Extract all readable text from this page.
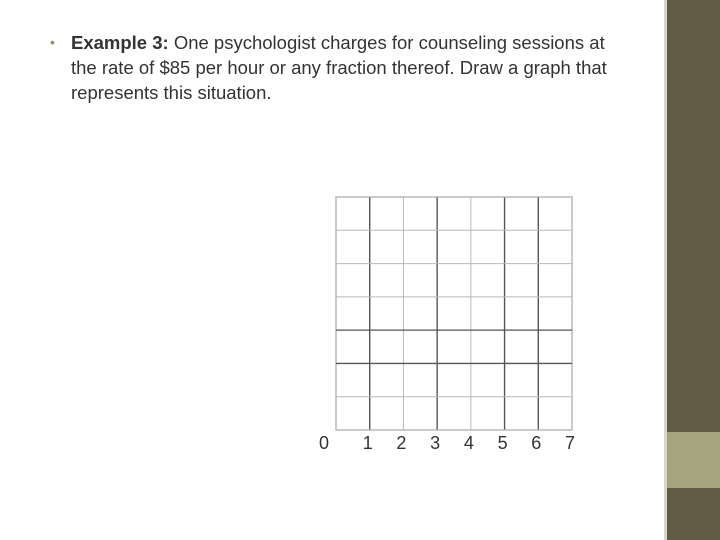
• Example 3: One psychologist charges for counseling sessions at the rate of $85 per hour or any fraction thereof. Draw a graph that represents this situation.
0 1 2 3 4 5 6 7
